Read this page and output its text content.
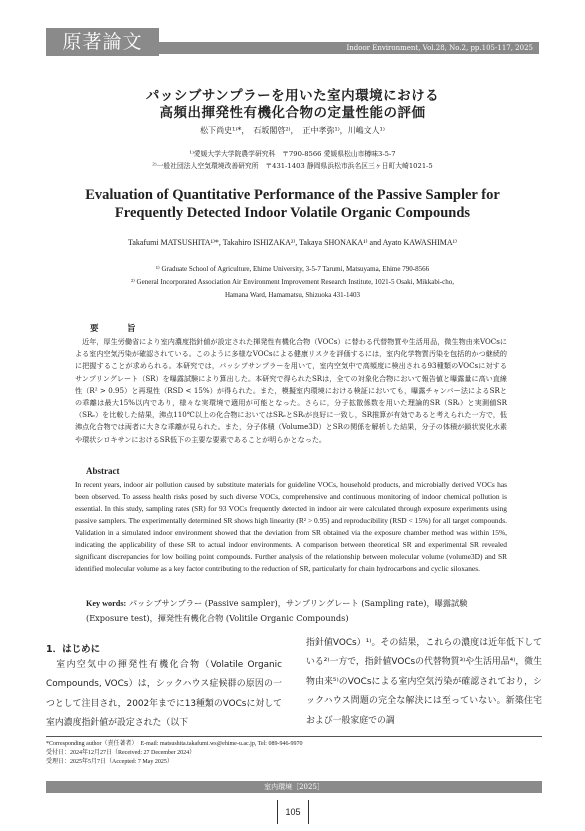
原著論文	Indoor Environment, Vol.28, No.2, pp.105-117, 2025
パッシブサンプラーを用いた室内環境における
高頻出揮発性有機化合物の定量性能の評価
松下尚史¹⁾*，　石坂閣啓²⁾，　正中孝弥¹⁾，川嶋文人¹⁾
¹⁾愛媛大学大学院農学研究科　〒790-8566 愛媛県松山市樽味3-5-7
²⁾一般社団法人空気環境改善研究所　〒431-1403 静岡県浜松市浜名区三ヶ日町大崎1021-5
Evaluation of Quantitative Performance of the Passive Sampler for
Frequently Detected Indoor Volatile Organic Compounds
Takafumi MATSUSHITA¹⁾*, Takahiro ISHIZAKA²⁾, Takaya SHONAKA¹⁾ and Ayato KAWASHIMA¹⁾
¹⁾ Graduate School of Agriculture, Ehime University, 3-5-7 Tarumi, Matsuyama, Ehime 790-8566
²⁾ General Incorporated Association Air Environment Improvement Research Institute, 1021-5 Osaki, Mikkabi-cho,
Hamana Ward, Hamamatsu, Shizuoka 431-1403
要　旨
　近年，厚生労働省により室内濃度指針値が設定された揮発性有機化合物（VOCs）に替わる代替物質や生活用品，微生物由来VOCsによる室内空気汚染が確認されている。このように多様なVOCsによる健康リスクを評価するには，室内化学物質汚染を包括的かつ継続的に把握することが求められる。本研究では，パッシブサンプラーを用いて，室内空気中で高頻度に検出される93種類のVOCsに対するサンプリングレート（SR）を曝露試験により算出した。本研究で得られたSRは，全ての対象化合物において報告値と曝露量に高い直線性（R² > 0.95）と再現性（RSD < 15%）が得られた。また，模擬室内環境における検証においても，曝露チャンバー法によるSRとの乖離は最大15%以内であり，様々な実環境で適用が可能となった。さらに，分子拡散係数を用いた理論的SR（SRₜ）と実測値SR（SRₑ）を比較した結果，沸点110℃以上の化合物においてはSRₑとSRₜが良好に一致し，SR推算が有効であると考えられた一方で，低沸点化合物では両者に大きな乖離が見られた。また，分子体積（Volume3D）とSRの関係を解析した結果，分子の体積が鎖状炭化水素や環状シロキサンにおけるSR低下の主要な要素であることが明らかとなった。
Abstract
In recent years, indoor air pollution caused by substitute materials for guideline VOCs, household products, and microbially derived VOCs has been observed. To assess health risks posed by such diverse VOCs, comprehensive and continuous monitoring of indoor chemical pollution is essential. In this study, sampling rates (SR) for 93 VOCs frequently detected in indoor air were calculated through exposure experiments using passive samplers. The experimentally determined SR shows high linearity (R² > 0.95) and reproducibility (RSD < 15%) for all target compounds. Validation in a simulated indoor environment showed that the deviation from SR obtained via the exposure chamber method was within 15%, indicating the applicability of these SR to actual indoor environments. A comparison between theoretical SR and experimental SR revealed significant discrepancies for low boiling point compounds. Further analysis of the relationship between molecular volume (volume3D) and SR identified molecular volume as a key factor contributing to the reduction of SR, particularly for chain hydrocarbons and cyclic siloxanes.
Key words: パッシブサンプラー (Passive sampler)，サンプリングレート (Sampling rate)，曝露試験 (Exposure test)，揮発性有機化合物 (Volitile Organic Compounds)
1．はじめに
　室内空気中の揮発性有機化合物（Volatile Organic Compounds, VOCs）は，シックハウス症候群の原因の一つとして注目され，2002年までに13種類のVOCsに対して室内濃度指針値が設定された（以下
指針値VOCs）¹⁾。その結果，これらの濃度は近年低下している²⁾一方で，指針値VOCsの代替物質³⁾や生活用品⁴⁾，微生物由来⁵⁾のVOCsによる室内空気汚染が確認されており，シックハウス問題の完全な解決には至っていない。新築住宅および一般家庭での調
*Corresponding author（責任著者）　E-mail: matsushita.takafumi.ws@ehime-u.ac.jp, Tel: 089-946-9970
受付日：2024年12月27日（Received: 27 December 2024）
受理日：2025年5月7日（Accepted: 7 May 2025）
室内環境［2025］
105
